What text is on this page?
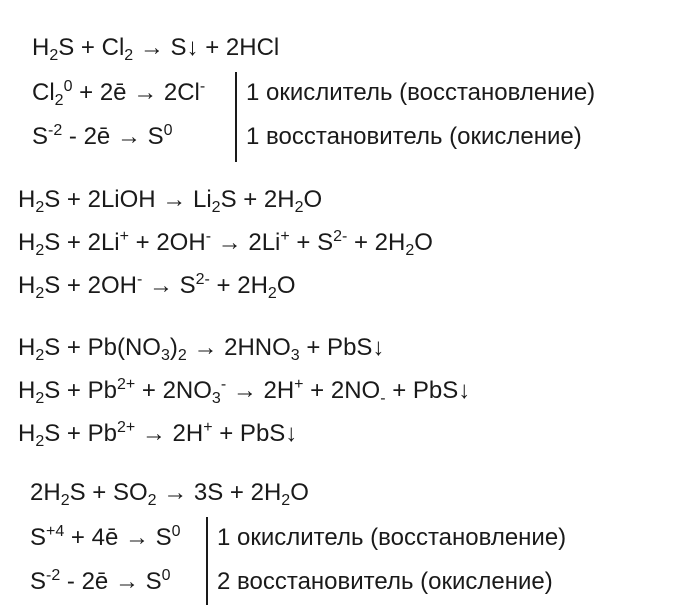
$H_2S + Cl_2$ → S↓ + 2HCl
$Cl_2^0$ + 2ē → 2Cl-
$S^{-2}$ - 2ē → $S^0$
1 окислитель (восстановление)
1 восстановитель (окисление)
$H_2S$ + 2LiOH → $Li_2S + 2H_2O$
$H_2S + 2Li^+ + 2OH^- \to 2Li^+ + S^{2-} + 2H_2O$
$H_2S + 2OH^- \to S^{2-} + 2H_2O$
$H_2S + Pb(NO_3)_2 \to 2HNO_3$ + PbS↓
$H_2S + Pb^{2+} + 2NO_3^- \to 2H^+ + 2NO_-$ + PbS↓
$H_2S + Pb^{2+} \to 2H^+$ + PbS↓
$2H_2S + SO_2 \to 3S + 2H_2O$
$S^{+4}$ + 4ē → $S^0$
$S^{-2}$ - 2ē → $S^0$
1 окислитель (восстановление)
2 восстановитель (окисление)
